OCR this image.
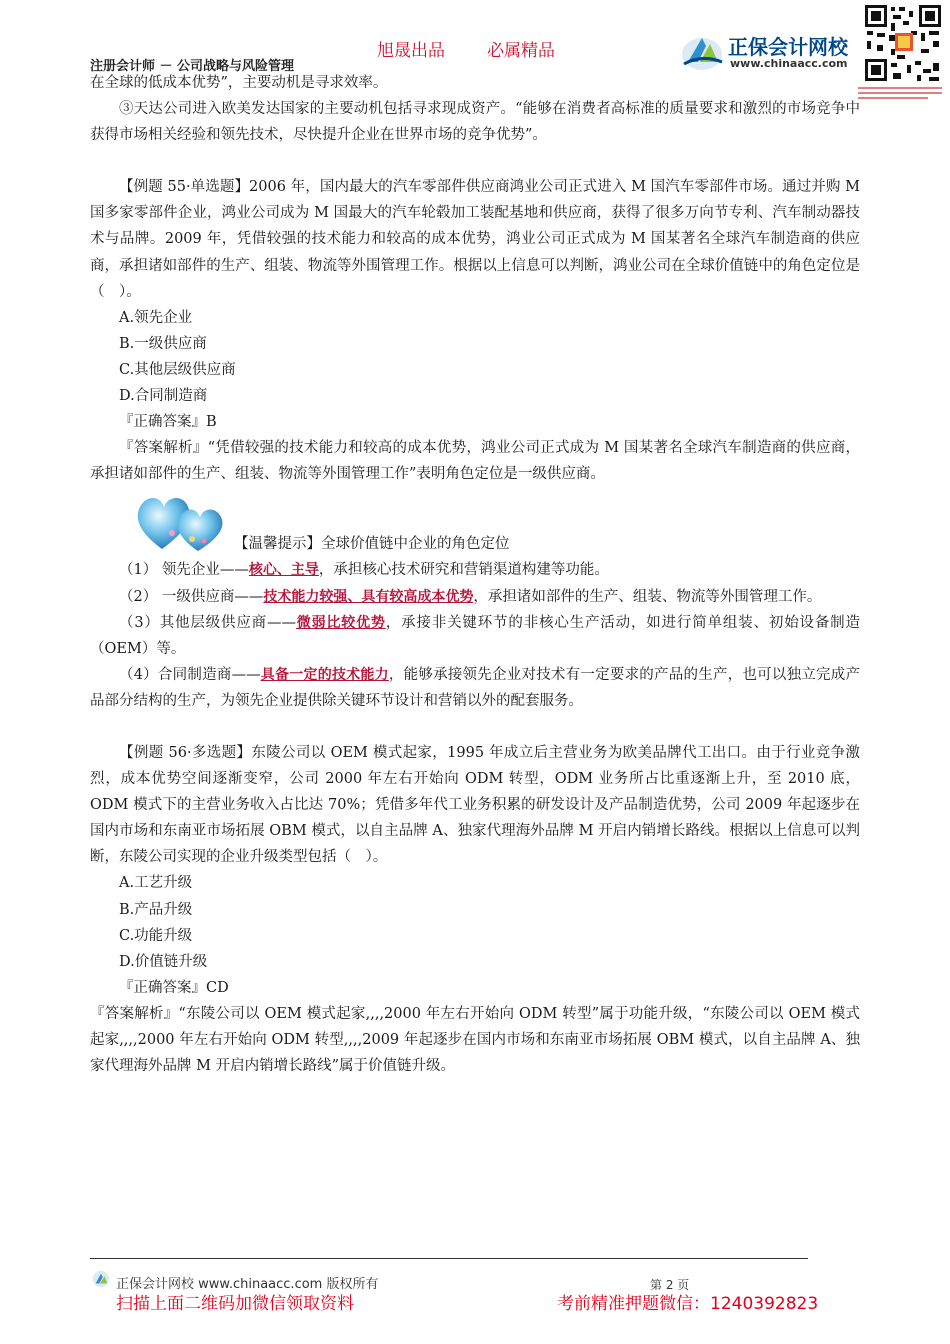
旭晟出品 必属精品
注册会计师 － 公司战略与风险管理
正保会计网校
www.chinaacc.com

在全球的低成本优势”，主要动机是寻求效率。

③天达公司进入欧美发达国家的主要动机包括寻求现成资产。“能够在消费者高标准的质量要求和激烈的市场竞争中获得市场相关经验和领先技术，尽快提升企业在世界市场的竞争优势”。

【例题 55·单选题】2006 年，国内最大的汽车零部件供应商鸿业公司正式进入 M 国汽车零部件市场。通过并购 M 国多家零部件企业，鸿业公司成为 M 国最大的汽车轮毂加工装配基地和供应商，获得了很多万向节专利、汽车制动器技术与品牌。2009 年，凭借较强的技术能力和较高的成本优势，鸿业公司正式成为 M 国某著名全球汽车制造商的供应商，承担诸如部件的生产、组装、物流等外围管理工作。根据以上信息可以判断，鸿业公司在全球价值链中的角色定位是（　）。

A.领先企业

B.一级供应商

C.其他层级供应商

D.合同制造商

『正确答案』B

『答案解析』“凭借较强的技术能力和较高的成本优势，鸿业公司正式成为 M 国某著名全球汽车制造商的供应商，承担诸如部件的生产、组装、物流等外围管理工作”表明角色定位是一级供应商。

【温馨提示】全球价值链中企业的角色定位

（1） 领先企业——核心、主导，承担核心技术研究和营销渠道构建等功能。

（2） 一级供应商——技术能力较强、具有较高成本优势，承担诸如部件的生产、组装、物流等外围管理工作。

（3）其他层级供应商——微弱比较优势，承接非关键环节的非核心生产活动，如进行简单组装、初始设备制造（OEM）等。

（4）合同制造商——具备一定的技术能力，能够承接领先企业对技术有一定要求的产品的生产，也可以独立完成产品部分结构的生产，为领先企业提供除关键环节设计和营销以外的配套服务。

【例题 56·多选题】东陵公司以 OEM 模式起家，1995 年成立后主营业务为欧美品牌代工出口。由于行业竞争激烈，成本优势空间逐渐变窄，公司 2000 年左右开始向 ODM 转型，ODM 业务所占比重逐渐上升，至 2010 底，ODM 模式下的主营业务收入占比达 70%；凭借多年代工业务积累的研发设计及产品制造优势，公司 2009 年起逐步在国内市场和东南亚市场拓展 OBM 模式，以自主品牌 A、独家代理海外品牌 M 开启内销增长路线。根据以上信息可以判断，东陵公司实现的企业升级类型包括（　）。

A.工艺升级

B.产品升级

C.功能升级

D.价值链升级

『正确答案』CD

『答案解析』“东陵公司以 OEM 模式起家,,,,2000 年左右开始向 ODM 转型”属于功能升级，“东陵公司以 OEM 模式起家,,,,2000 年左右开始向 ODM 转型,,,,2009 年起逐步在国内市场和东南亚市场拓展 OBM 模式，以自主品牌 A、独家代理海外品牌 M 开启内销增长路线”属于价值链升级。

正保会计网校 www.chinaacc.com 版权所有	第 2 页
扫描上面二维码加微信领取资料	考前精准押题微信：1240392823
